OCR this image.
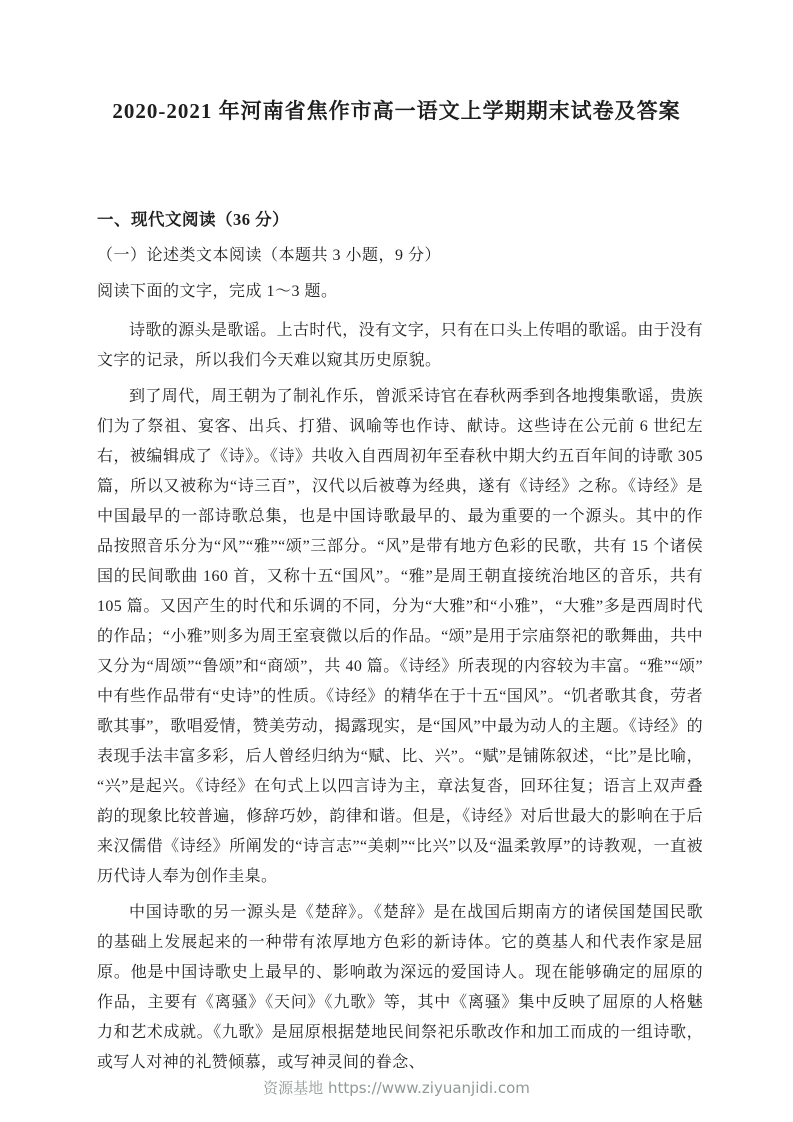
2020-2021 年河南省焦作市高一语文上学期期末试卷及答案
一、现代文阅读（36 分）

（一）论述类文本阅读（本题共 3 小题，9 分）

阅读下面的文字，完成 1～3 题。

诗歌的源头是歌谣。上古时代，没有文字，只有在口头上传唱的歌谣。由于没有文字的记录，所以我们今天难以窥其历史原貌。

到了周代，周王朝为了制礼作乐，曾派采诗官在春秋两季到各地搜集歌谣，贵族们为了祭祖、宴客、出兵、打猎、讽喻等也作诗、献诗。这些诗在公元前 6 世纪左右，被编辑成了《诗》。《诗》共收入自西周初年至春秋中期大约五百年间的诗歌 305 篇，所以又被称为“诗三百”，汉代以后被尊为经典，遂有《诗经》之称。《诗经》是中国最早的一部诗歌总集，也是中国诗歌最早的、最为重要的一个源头。其中的作品按照音乐分为“风”“雅”“颂”三部分。“风”是带有地方色彩的民歌，共有 15 个诸侯国的民间歌曲 160 首，又称十五“国风”。“雅”是周王朝直接统治地区的音乐，共有 105 篇。又因产生的时代和乐调的不同，分为“大雅”和“小雅”，“大雅”多是西周时代的作品；“小雅”则多为周王室衰微以后的作品。“颂”是用于宗庙祭祀的歌舞曲，共中又分为“周颂”“鲁颂”和“商颂”，共 40 篇。《诗经》所表现的内容较为丰富。“雅”“颂”中有些作品带有“史诗”的性质。《诗经》的精华在于十五“国风”。“饥者歌其食，劳者歌其事”，歌唱爱情，赞美劳动，揭露现实，是“国风”中最为动人的主题。《诗经》的表现手法丰富多彩，后人曾经归纳为“赋、比、兴”。“赋”是铺陈叙述，“比”是比喻，“兴”是起兴。《诗经》在句式上以四言诗为主，章法复沓，回环往复；语言上双声叠韵的现象比较普遍，修辞巧妙，韵律和谐。但是，《诗经》对后世最大的影响在于后来汉儒借《诗经》所阐发的“诗言志”“美刺”“比兴”以及“温柔敦厚”的诗教观，一直被历代诗人奉为创作圭臬。

中国诗歌的另一源头是《楚辞》。《楚辞》是在战国后期南方的诸侯国楚国民歌的基础上发展起来的一种带有浓厚地方色彩的新诗体。它的奠基人和代表作家是屈原。他是中国诗歌史上最早的、影响敢为深远的爱国诗人。现在能够确定的屈原的作品，主要有《离骚》《天问》《九歌》等，其中《离骚》集中反映了屈原的人格魅力和艺术成就。《九歌》是屈原根据楚地民间祭祀乐歌改作和加工而成的一组诗歌，或写人对神的礼赞倾慕，或写神灵间的眷念、

资源基地 https://www.ziyuanjidi.com
